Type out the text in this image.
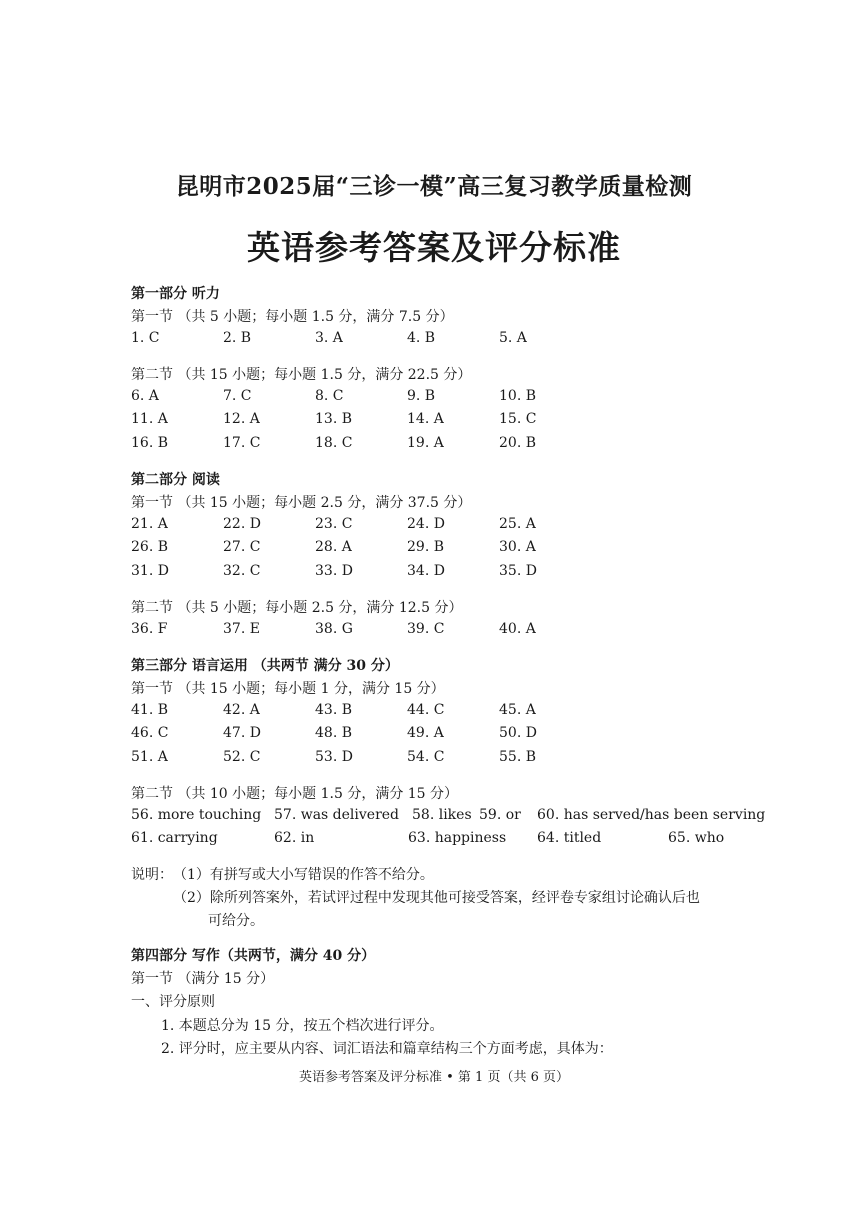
昆明市2025届“三诊一模”高三复习教学质量检测
英语参考答案及评分标准
第一部分 听力
第一节 （共 5 小题；每小题 1.5 分，满分 7.5 分）
1. C	2. B	3. A	4. B	5. A
第二节 （共 15 小题；每小题 1.5 分，满分 22.5 分）
6. A	7. C	8. C	9. B	10. B
11. A	12. A	13. B	14. A	15. C
16. B	17. C	18. C	19. A	20. B
第二部分 阅读
第一节 （共 15 小题；每小题 2.5 分，满分 37.5 分）
21. A	22. D	23. C	24. D	25. A
26. B	27. C	28. A	29. B	30. A
31. D	32. C	33. D	34. D	35. D
第二节 （共 5 小题；每小题 2.5 分，满分 12.5 分）
36. F	37. E	38. G	39. C	40. A
第三部分 语言运用 （共两节 满分 30 分）
第一节 （共 15 小题；每小题 1 分，满分 15 分）
41. B	42. A	43. B	44. C	45. A
46. C	47. D	48. B	49. A	50. D
51. A	52. C	53. D	54. C	55. B
第二节 （共 10 小题；每小题 1.5 分，满分 15 分）
56. more touching 57. was delivered 58. likes 59. or 60. has served/has been serving
61. carrying	62. in	63. happiness 64. titled	65. who
说明： （1）有拼写或大小写错误的作答不给分。
（2）除所列答案外，若试评过程中发现其他可接受答案，经评卷专家组讨论确认后也
可给分。
第四部分 写作（共两节，满分 40 分）
第一节 （满分 15 分）
一、评分原则
1. 本题总分为 15 分，按五个档次进行评分。
2. 评分时，应主要从内容、词汇语法和篇章结构三个方面考虑，具体为：
英语参考答案及评分标准 • 第 1 页（共 6 页）
